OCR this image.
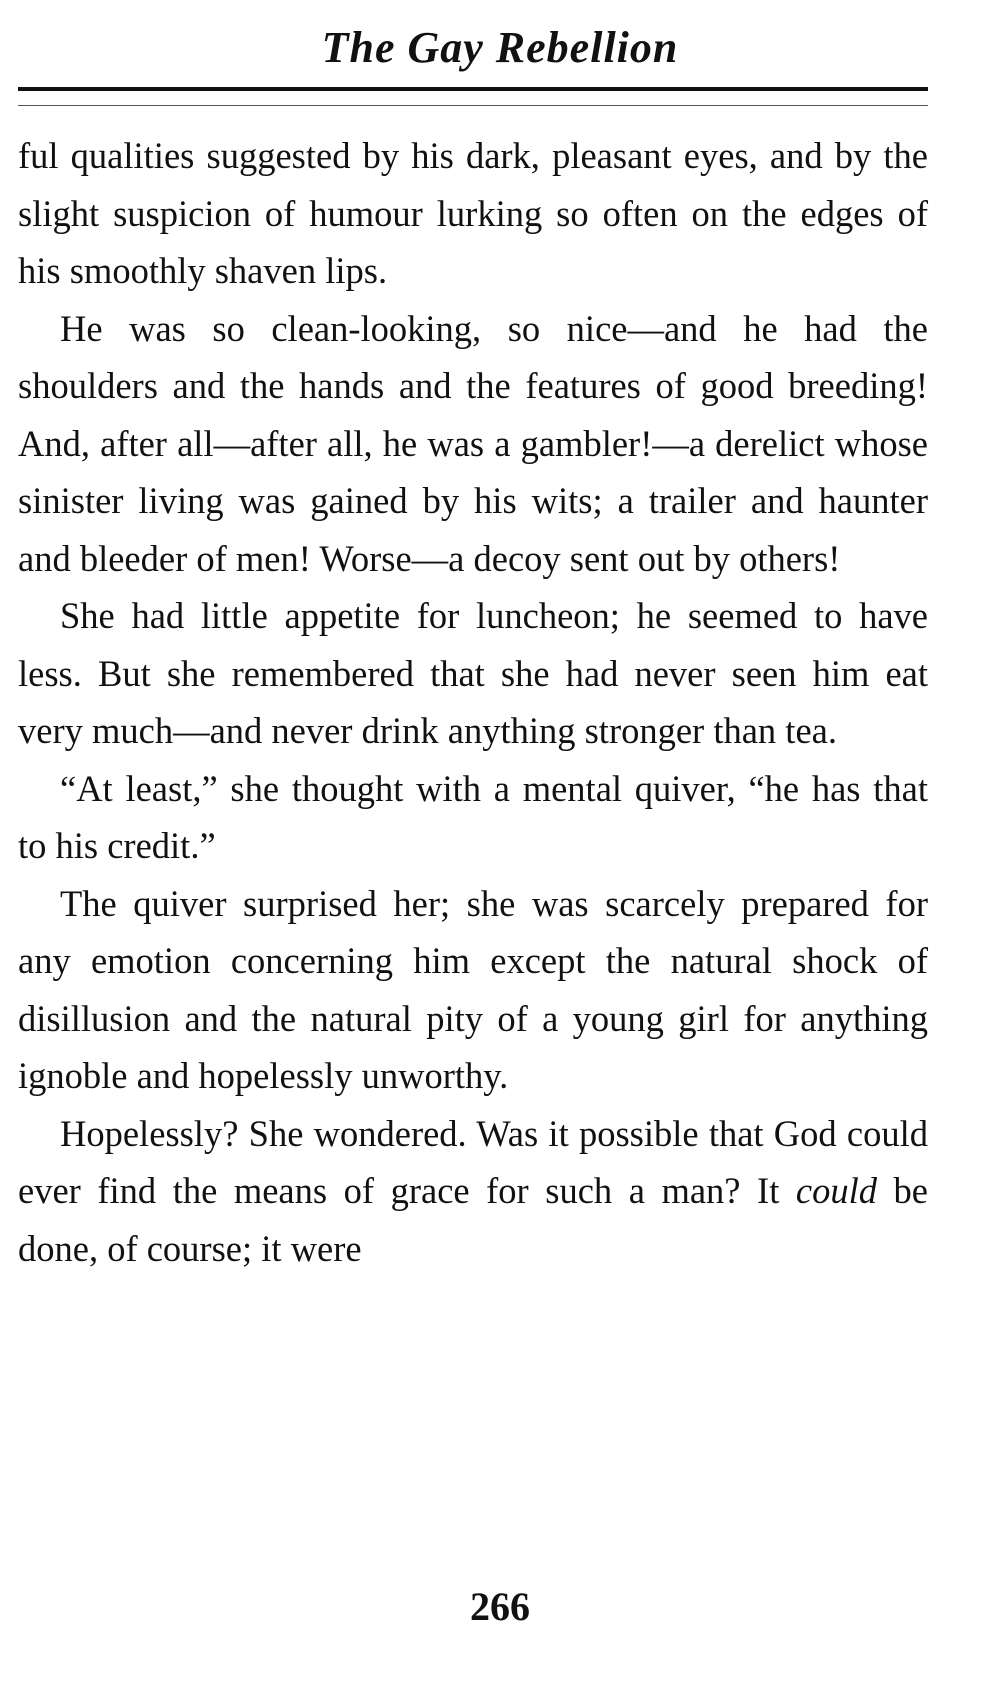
The Gay Rebellion

ful qualities suggested by his dark, pleasant eyes, and by the slight suspicion of humour lurking so often on the edges of his smoothly shaven lips.

He was so clean-looking, so nice—and he had the shoulders and the hands and the features of good breeding! And, after all—after all, he was a gambler!—a derelict whose sinister living was gained by his wits; a trailer and haunter and bleeder of men! Worse—a decoy sent out by others!

She had little appetite for luncheon; he seemed to have less. But she remembered that she had never seen him eat very much—and never drink anything stronger than tea.

“At least,” she thought with a mental quiver, “he has that to his credit.”

The quiver surprised her; she was scarcely prepared for any emotion concerning him except the natural shock of disillusion and the natural pity of a young girl for anything ignoble and hopelessly unworthy.

Hopelessly? She wondered. Was it possible that God could ever find the means of grace for such a man? It could be done, of course; it were

266
